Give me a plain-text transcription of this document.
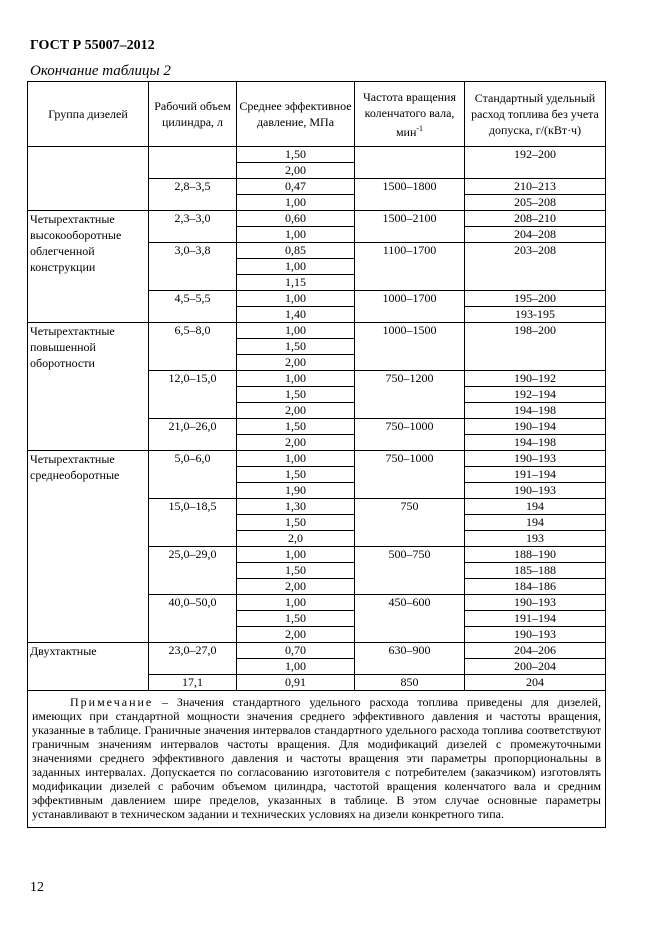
ГОСТ Р 55007–2012
Окончание таблицы 2
Группа дизелей	Рабочий объем цилиндра, л	Среднее эффективное давление, МПа	Частота вращения коленчатого вала, мин$^{-1}$	Стандартный удельный расход топлива без учета допуска, г/(кВт·ч)
		1,50		192–200
		2,00		
	2,8–3,5	0,47	1500–1800	210–213
		1,00		205–208
Четырехтактные высокооборотные облегченной конструкции	2,3–3,0	0,60	1500–2100	208–210
		1,00		204–208
	3,0–3,8	0,85	1100–1700	203–208
		1,00		
		1,15		
	4,5–5,5	1,00	1000–1700	195–200
		1,40		193-195
Четырехтактные повышенной оборотности	6,5–8,0	1,00	1000–1500	198–200
		1,50		
		2,00		
	12,0–15,0	1,00	750–1200	190–192
		1,50		192–194
		2,00		194–198
	21,0–26,0	1,50	750–1000	190–194
		2,00		194–198
Четырехтактные среднеоборотные	5,0–6,0	1,00	750–1000	190–193
		1,50		191–194
		1,90		190–193
	15,0–18,5	1,30	750	194
		1,50		194
		2,0		193
	25,0–29,0	1,00	500–750	188–190
		1,50		185–188
		2,00		184–186
	40,0–50,0	1,00	450–600	190–193
		1,50		191–194
		2,00		190–193
Двухтактные	23,0–27,0	0,70	630–900	204–206
		1,00		200–204
	17,1	0,91	850	204
Примечание – Значения стандартного удельного расхода топлива приведены для дизелей, имеющих при стандартной мощности значения среднего эффективного давления и частоты вращения, указанные в таблице. Граничные значения интервалов стандартного удельного расхода топлива соответствуют граничным значениям интервалов частоты вращения. Для модификаций дизелей с промежуточными значениями среднего эффективного давления и частоты вращения эти параметры пропорциональны в заданных интервалах. Допускается по согласованию изготовителя с потребителем (заказчиком) изготовлять модификации дизелей с рабочим объемом цилиндра, частотой вращения коленчатого вала и средним эффективным давлением шире пределов, указанных в таблице. В этом случае основные параметры устанавливают в техническом задании и технических условиях на дизели конкретного типа.				
12
